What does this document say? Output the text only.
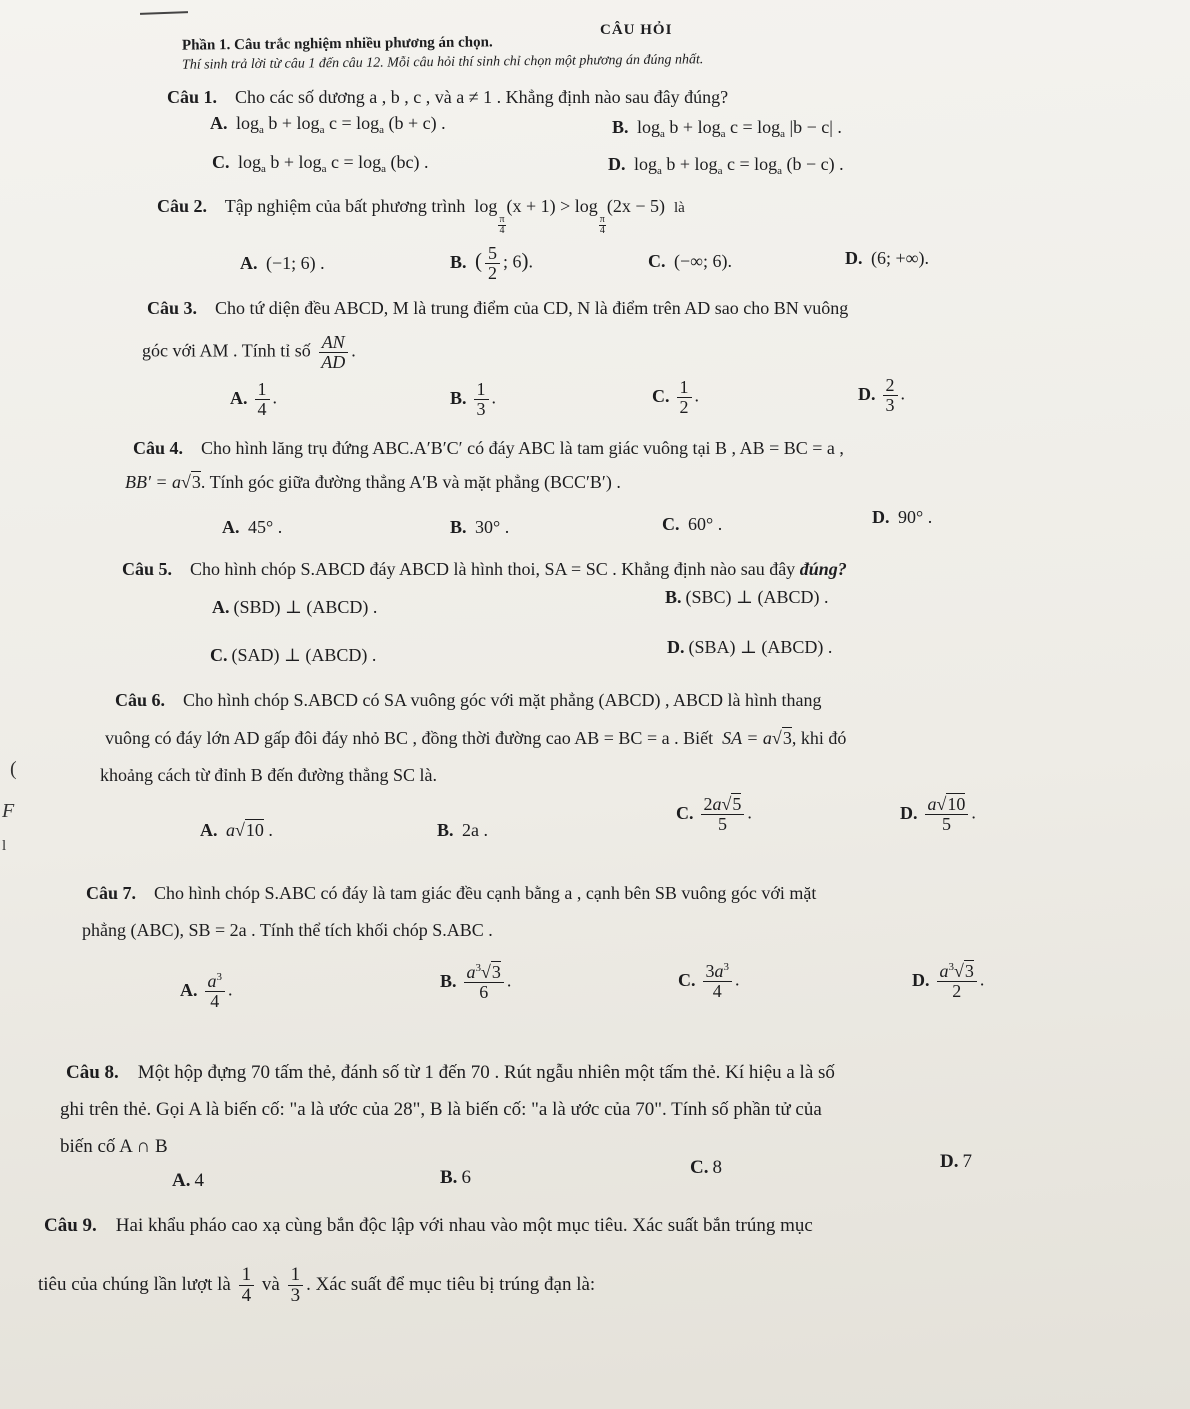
CÂU HỎI
Phần 1. Câu trắc nghiệm nhiều phương án chọn.
Thí sinh trả lời từ câu 1 đến câu 12. Mỗi câu hỏi thí sinh chỉ chọn một phương án đúng nhất.
Câu 1. Cho các số dương a , b , c , và a ≠ 1 . Khẳng định nào sau đây đúng?
A. $\log_a b + \log_a c = \log_a (b + c)$ .	B. $\log_a b + \log_a c = \log_a |b - c|$ .
C. $\log_a b + \log_a c = \log_a (bc)$ .	D. $\log_a b + \log_a c = \log_a (b - c)$ .
Câu 2. Tập nghiệm của bất phương trình  log
$\frac{\pi}{4}$
(x + 1) > log
$\frac{\pi}{4}$
(2x − 5)  là
A. (−1; 6) .	B. ( $\frac{5}{2}$ ; 6).	C. (−∞; 6).	D. (6; +∞).
Câu 3. Cho tứ diện đều ABCD, M là trung điểm của CD, N là điểm trên AD sao cho BN vuông
góc với AM . Tính tỉ số $\frac{AN}{AD}$ .
A. $\frac{1}{4}$ .	B. $\frac{1}{3}$ .	C. $\frac{1}{2}$ .	D. $\frac{2}{3}$ .
Câu 4. Cho hình lăng trụ đứng ABC.A′B′C′ có đáy ABC là tam giác vuông tại B , AB = BC = a ,
BB' = a√3. Tính góc giữa đường thẳng A′B và mặt phẳng (BCC′B′) .
A. 45° .	B. 30° .	C. 60° .	D. 90° .
Câu 5. Cho hình chóp S.ABCD đáy ABCD là hình thoi, SA = SC . Khẳng định nào sau đây đúng?
A. (SBD) ⊥ (ABCD) .	B. (SBC) ⊥ (ABCD) .
C. (SAD) ⊥ (ABCD) .	D. (SBA) ⊥ (ABCD) .
Câu 6. Cho hình chóp S.ABCD có SA vuông góc với mặt phẳng (ABCD) , ABCD là hình thang
vuông có đáy lớn AD gấp đôi đáy nhỏ BC , đồng thời đường cao AB = BC = a . Biết SA = a√3, khi đó
khoảng cách từ đỉnh B đến đường thẳng SC là.
A. a√10 .	B. 2a .
C. $\frac{2a√5}{5}$ .	D. $\frac{a√10}{5}$ .
Câu 7. Cho hình chóp S.ABC có đáy là tam giác đều cạnh bằng a , cạnh bên SB vuông góc với mặt
phẳng (ABC), SB = 2a . Tính thể tích khối chóp S.ABC .
A. $\frac{a^3}{4}$ .	B. $\frac{a^3√3}{6}$ .	C. $\frac{3a^3}{4}$ .	D. $\frac{a^3√3}{2}$ .
Câu 8. Một hộp đựng 70 tấm thẻ, đánh số từ 1 đến 70 . Rút ngẫu nhiên một tấm thẻ. Kí hiệu a là số
ghi trên thẻ. Gọi A là biến cố: "a là ước của 28", B là biến cố: "a là ước của 70". Tính số phần tử của
biến cố A ∩ B
A. 4	B. 6	C. 8	D. 7
Câu 9. Hai khẩu pháo cao xạ cùng bắn độc lập với nhau vào một mục tiêu. Xác suất bắn trúng mục
tiêu của chúng lần lượt là $\frac{1}{4}$ và $\frac{1}{3}$ . Xác suất để mục tiêu bị trúng đạn là:
(
F
l
